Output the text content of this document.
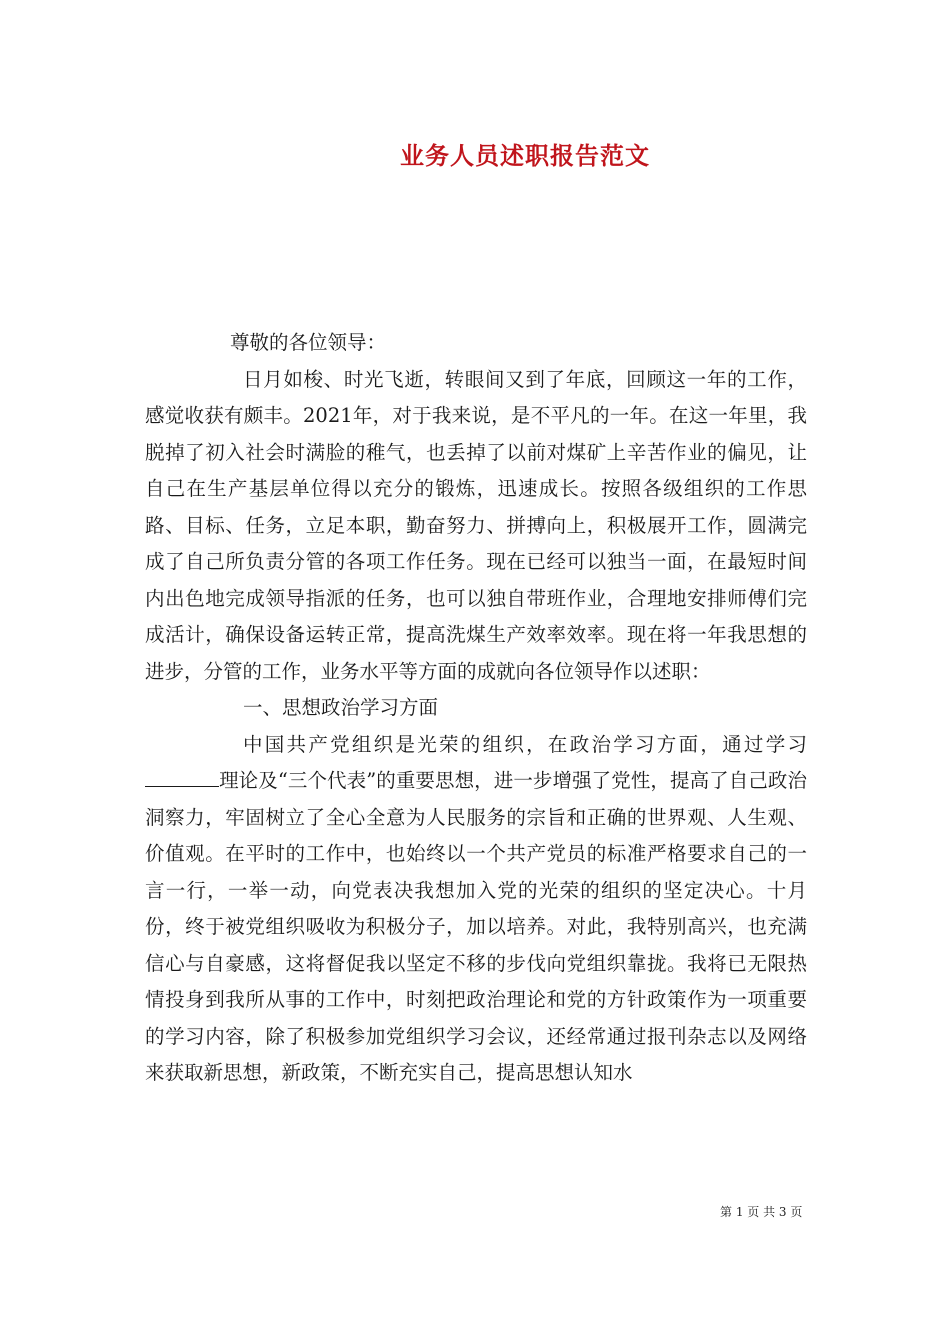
业务人员述职报告范文
尊敬的各位领导：

日月如梭、时光飞逝，转眼间又到了年底，回顾这一年的工作，感觉收获有颇丰。2021年，对于我来说，是不平凡的一年。在这一年里，我脱掉了初入社会时满脸的稚气，也丢掉了以前对煤矿上辛苦作业的偏见，让自己在生产基层单位得以充分的锻炼，迅速成长。按照各级组织的工作思路、目标、任务，立足本职，勤奋努力、拼搏向上，积极展开工作，圆满完成了自己所负责分管的各项工作任务。现在已经可以独当一面，在最短时间内出色地完成领导指派的任务，也可以独自带班作业，合理地安排师傅们完成活计，确保设备运转正常，提高洗煤生产效率效率。现在将一年我思想的进步，分管的工作，业务水平等方面的成就向各位领导作以述职：

一、思想政治学习方面

中国共产党组织是光荣的组织，在政治学习方面，通过学习理论及“三个代表”的重要思想，进一步增强了党性，提高了自己政治洞察力，牢固树立了全心全意为人民服务的宗旨和正确的世界观、人生观、价值观。在平时的工作中，也始终以一个共产党员的标准严格要求自己的一言一行，一举一动，向党表决我想加入党的光荣的组织的坚定决心。十月份，终于被党组织吸收为积极分子，加以培养。对此，我特别高兴，也充满信心与自豪感，这将督促我以坚定不移的步伐向党组织靠拢。我将已无限热情投身到我所从事的工作中，时刻把政治理论和党的方针政策作为一项重要的学习内容，除了积极参加党组织学习会议，还经常通过报刊杂志以及网络来获取新思想，新政策，不断充实自己，提高思想认知水

第 1 页 共 3 页
